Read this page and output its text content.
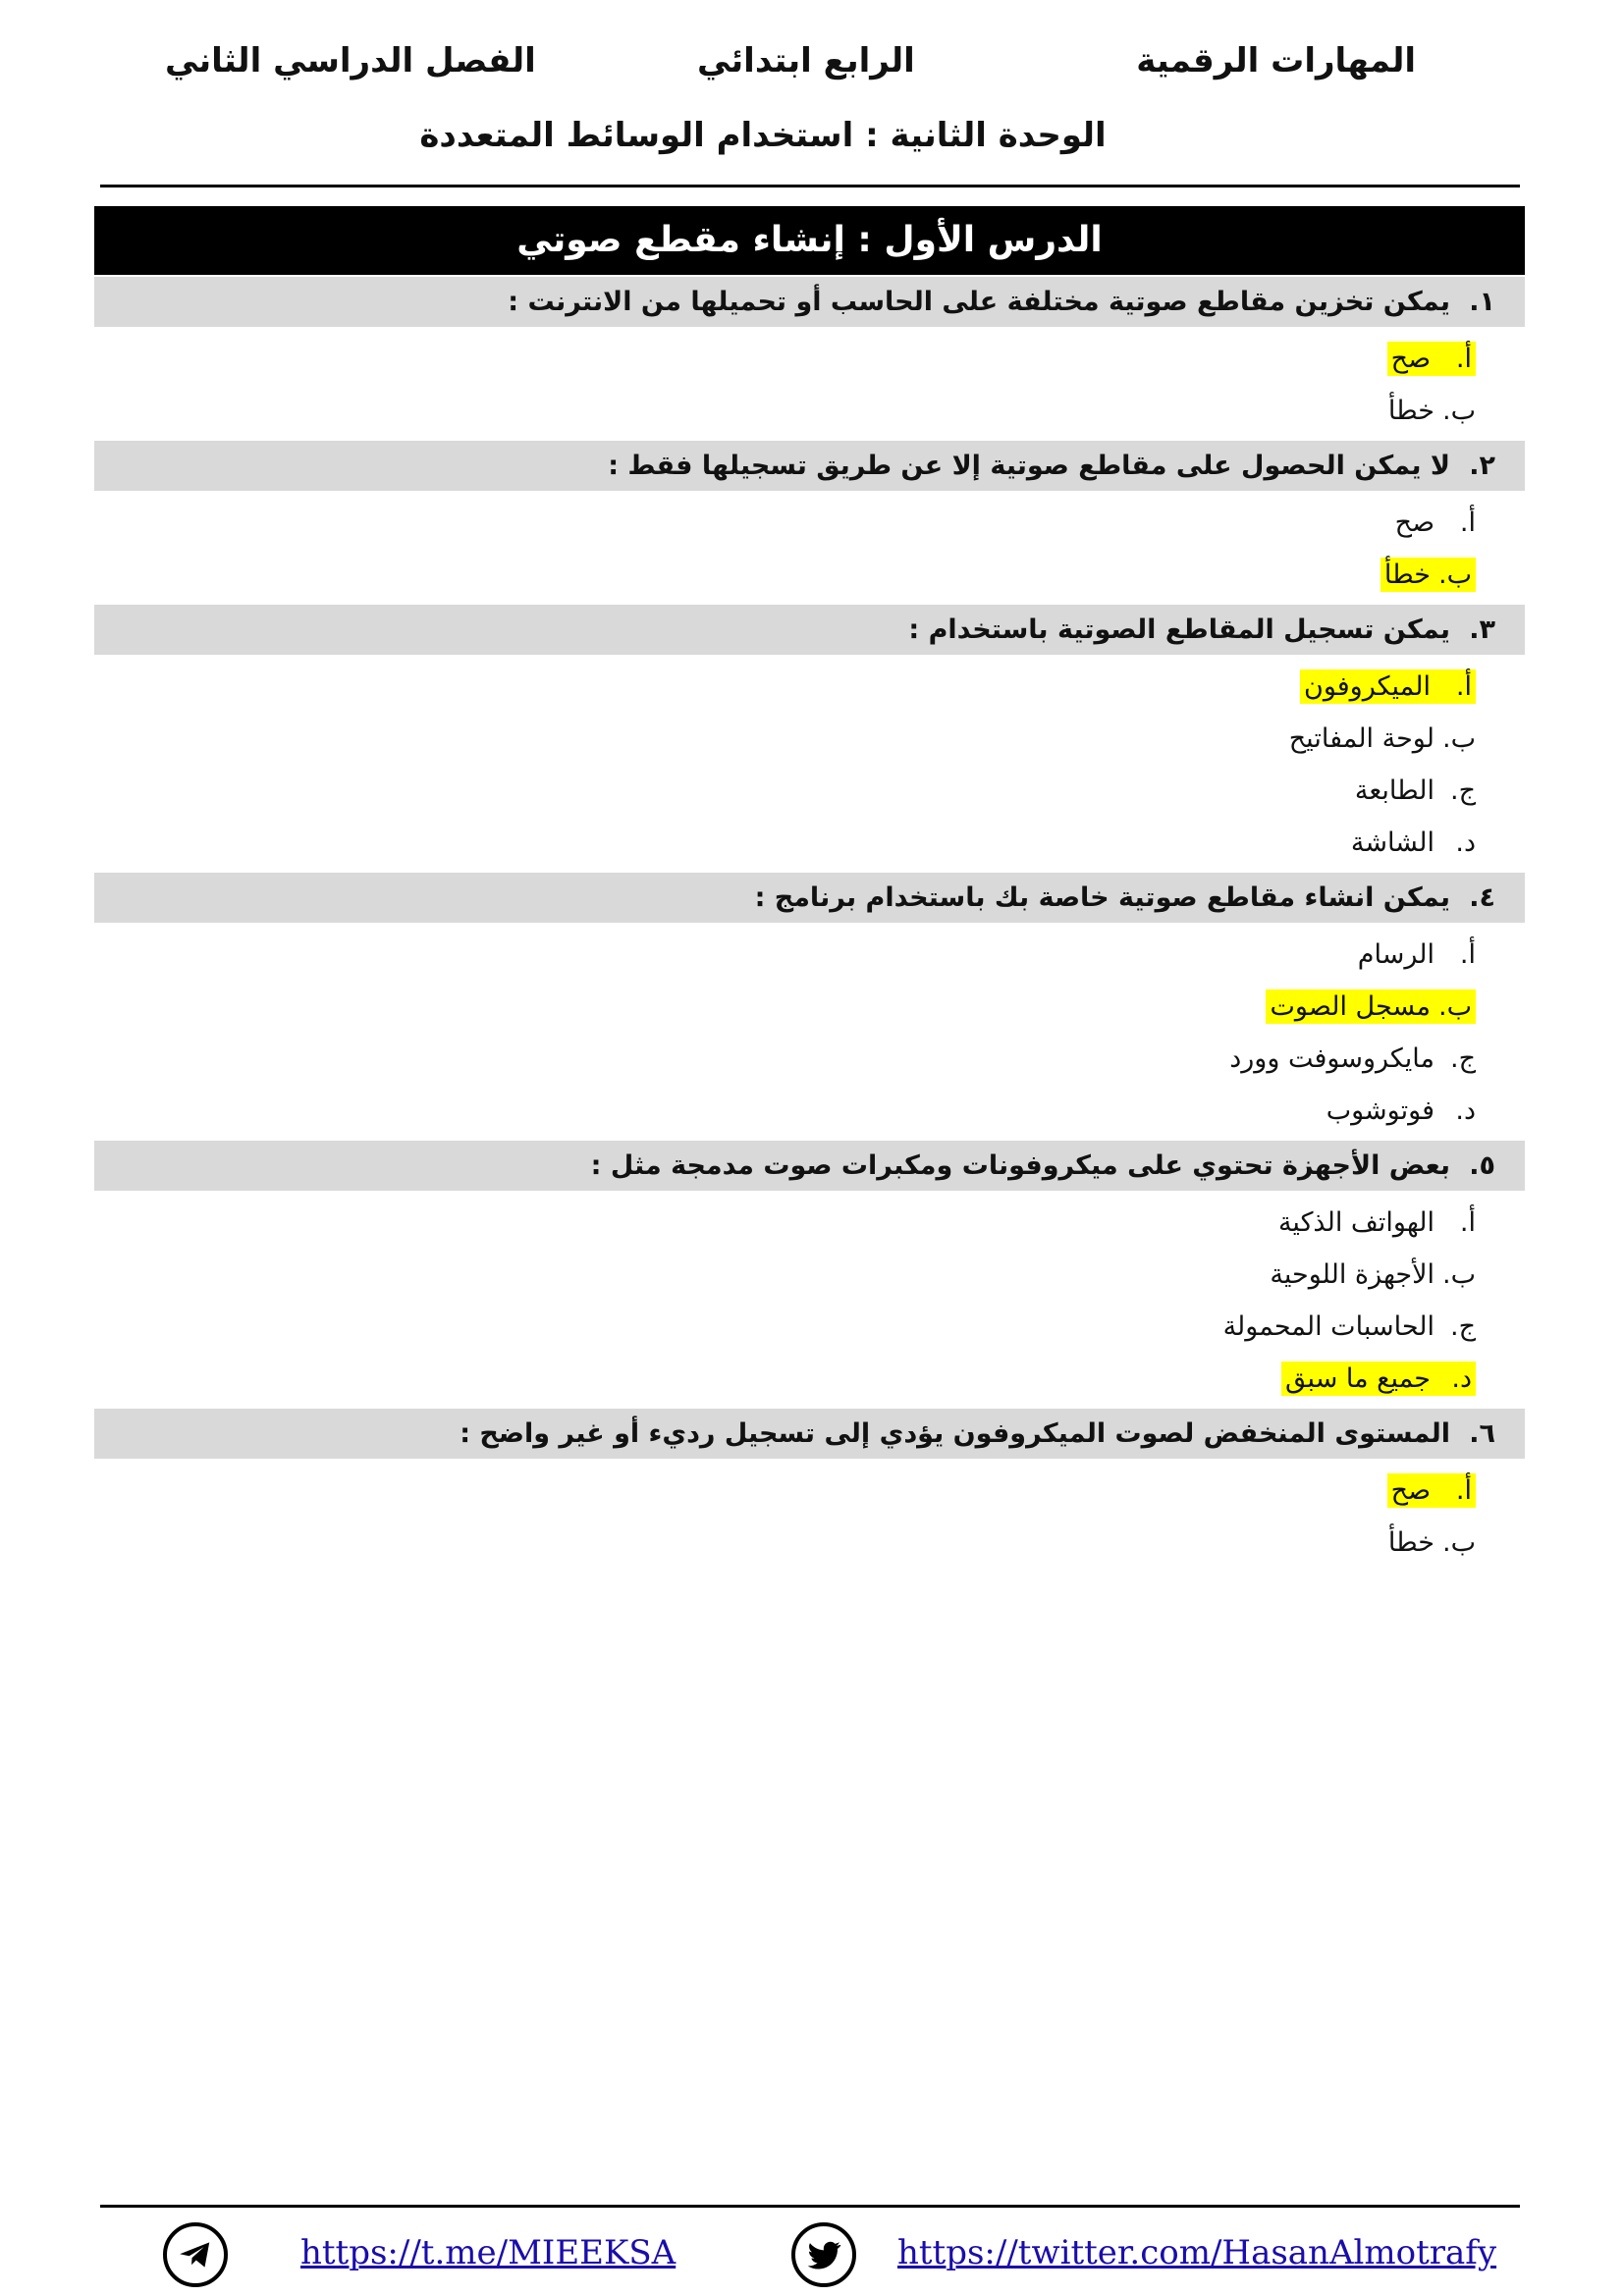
المهارات الرقمية
الرابع ابتدائي
الفصل الدراسي الثاني
الوحدة الثانية : استخدام الوسائط المتعددة
الدرس الأول : إنشاء مقطع صوتي
١.يمكن تخزين مقاطع صوتية مختلفة على الحاسب أو تحميلها من الانترنت :
أ.صح
ب.خطأ
٢.لا يمكن الحصول على مقاطع صوتية إلا عن طريق تسجيلها فقط :
أ.صح
ب.خطأ
٣.يمكن تسجيل المقاطع الصوتية باستخدام :
أ.الميكروفون
ب.لوحة المفاتيح
ج.الطابعة
د.الشاشة
٤.يمكن انشاء مقاطع صوتية خاصة بك باستخدام برنامج :
أ.الرسام
ب.مسجل الصوت
ج.مايكروسوفت وورد
د.فوتوشوب
٥.بعض الأجهزة تحتوي على ميكروفونات ومكبرات صوت مدمجة مثل :
أ.الهواتف الذكية
ب.الأجهزة اللوحية
ج.الحاسبات المحمولة
د.جميع ما سبق
٦.المستوى المنخفض لصوت الميكروفون يؤدي إلى تسجيل رديء أو غير واضح :
أ.صح
ب.خطأ
https://t.me/MIEEKSA	https://twitter.com/HasanAlmotrafy
